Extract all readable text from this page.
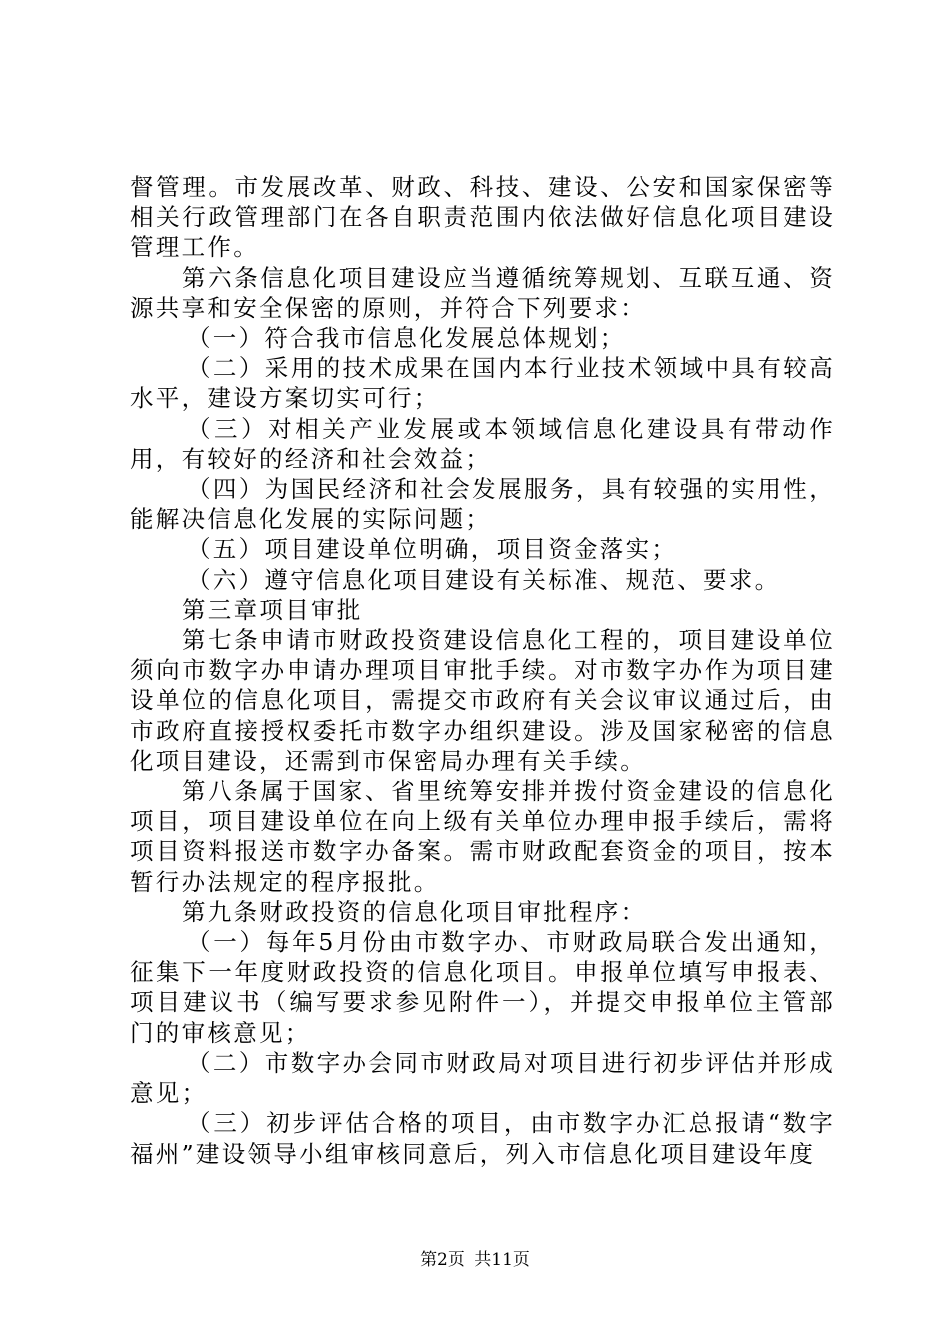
督管理。市发展改革、财政、科技、建设、公安和国家保密等相关行政管理部门在各自职责范围内依法做好信息化项目建设管理工作。

第六条信息化项目建设应当遵循统筹规划、互联互通、资源共享和安全保密的原则，并符合下列要求：

（一）符合我市信息化发展总体规划；

（二）采用的技术成果在国内本行业技术领域中具有较高水平，建设方案切实可行；

（三）对相关产业发展或本领域信息化建设具有带动作用，有较好的经济和社会效益；

（四）为国民经济和社会发展服务，具有较强的实用性，能解决信息化发展的实际问题；

（五）项目建设单位明确，项目资金落实；

（六）遵守信息化项目建设有关标准、规范、要求。

第三章项目审批

第七条申请市财政投资建设信息化工程的，项目建设单位须向市数字办申请办理项目审批手续。对市数字办作为项目建设单位的信息化项目，需提交市政府有关会议审议通过后，由市政府直接授权委托市数字办组织建设。涉及国家秘密的信息化项目建设，还需到市保密局办理有关手续。

第八条属于国家、省里统筹安排并拨付资金建设的信息化项目，项目建设单位在向上级有关单位办理申报手续后，需将项目资料报送市数字办备案。需市财政配套资金的项目，按本暂行办法规定的程序报批。

第九条财政投资的信息化项目审批程序：

（一）每年5月份由市数字办、市财政局联合发出通知，征集下一年度财政投资的信息化项目。申报单位填写申报表、项目建议书（编写要求参见附件一），并提交申报单位主管部门的审核意见；

（二）市数字办会同市财政局对项目进行初步评估并形成意见；

（三）初步评估合格的项目，由市数字办汇总报请“数字福州”建设领导小组审核同意后，列入市信息化项目建设年度

第2页 共11页
